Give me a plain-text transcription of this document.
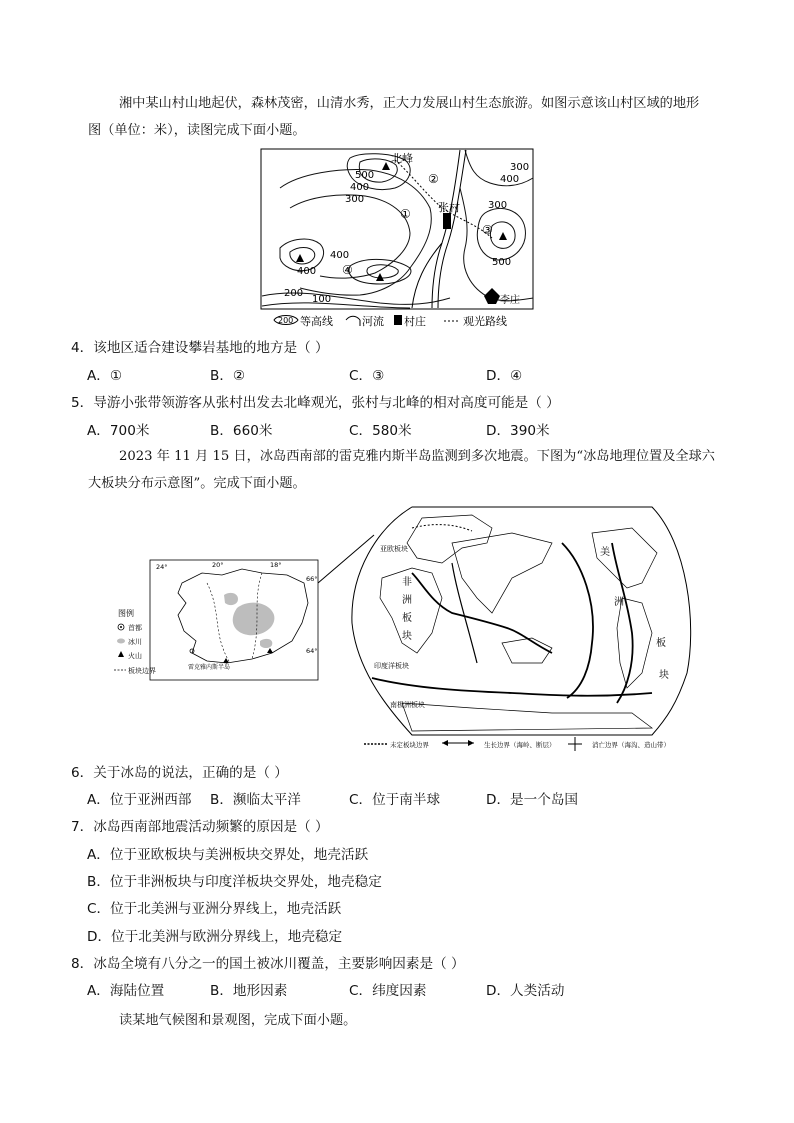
湘中某山村山地起伏，森林茂密，山清水秀，正大力发展山村生态旅游。如图示意该山村区域的地形
图（单位：米），读图完成下面小题。
北峰
张村
李庄
②
①
③
④
500
400
300
300
400
300
400
500
400
200
100
200 等高线	河流 村庄	观光路线
4．该地区适合建设攀岩基地的地方是（ ）
A．①	B．②	C．③	D．④
5．导游小张带领游客从张村出发去北峰观光，张村与北峰的相对高度可能是（ ）
A．700米	B．660米	C．580米	D．390米
2023 年 11 月 15 日，冰岛西南部的雷克雅内斯半岛监测到多次地震。下图为“冰岛地理位置及全球六
大板块分布示意图”。完成下面小题。
24°	20°	18°
66°
64°
雷克雅内斯半岛
图例
首都
冰川
火山
板块边界
亚欧板块
非
洲
板
块
美
洲
板
块
印度洋板块
太平洋板块
南极洲板块
未定板块边界	生长边界（海岭、断层）	消亡边界（海沟、造山带）
6．关于冰岛的说法，正确的是（ ）
A．位于亚洲西部 B．濒临太平洋	C．位于南半球	D．是一个岛国
7．冰岛西南部地震活动频繁的原因是（ ）
A．位于亚欧板块与美洲板块交界处，地壳活跃
B．位于非洲板块与印度洋板块交界处，地壳稳定
C．位于北美洲与亚洲分界线上，地壳活跃
D．位于北美洲与欧洲分界线上，地壳稳定
8．冰岛全境有八分之一的国土被冰川覆盖，主要影响因素是（ ）
A．海陆位置	B．地形因素	C．纬度因素	D．人类活动
读某地气候图和景观图，完成下面小题。
